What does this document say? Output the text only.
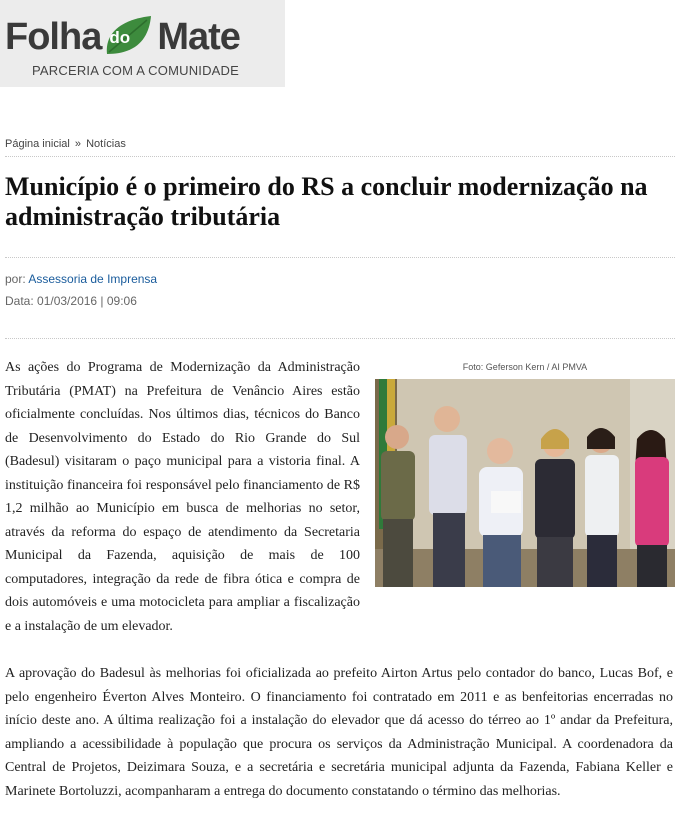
Folha do Mate
PARCERIA COM A COMUNIDADE
Página inicial » Notícias
Município é o primeiro do RS a concluir modernização na administração tributária
por: Assessoria de Imprensa
Data: 01/03/2016 | 09:06

As ações do Programa de Modernização da Administração Tributária (PMAT) na Prefeitura de Venâncio Aires estão oficialmente concluídas. Nos últimos dias, técnicos do Banco de Desenvolvimento do Estado do Rio Grande do Sul (Badesul) visitaram o paço municipal para a vistoria final. A instituição financeira foi responsável pelo financiamento de R$ 1,2 milhão ao Município em busca de melhorias no setor, através da reforma do espaço de atendimento da Secretaria Municipal da Fazenda, aquisição de mais de 100 computadores, integração da rede de fibra ótica e compra de dois automóveis e uma motocicleta para ampliar a fiscalização e a instalação de um elevador.

Foto: Geferson Kern / AI PMVA

A aprovação do Badesul às melhorias foi oficializada ao prefeito Airton Artus pelo contador do banco, Lucas Bof, e pelo engenheiro Éverton Alves Monteiro. O financiamento foi contratado em 2011 e as benfeitorias encerradas no início deste ano. A última realização foi a instalação do elevador que dá acesso do térreo ao 1º andar da Prefeitura, ampliando a acessibilidade à população que procura os serviços da Administração Municipal. A coordenadora da Central de Projetos, Deizimara Souza, e a secretária e secretária municipal adjunta da Fazenda, Fabiana Keller e Marinete Bortoluzzi, acompanharam a entrega do documento constatando o término das melhorias.
